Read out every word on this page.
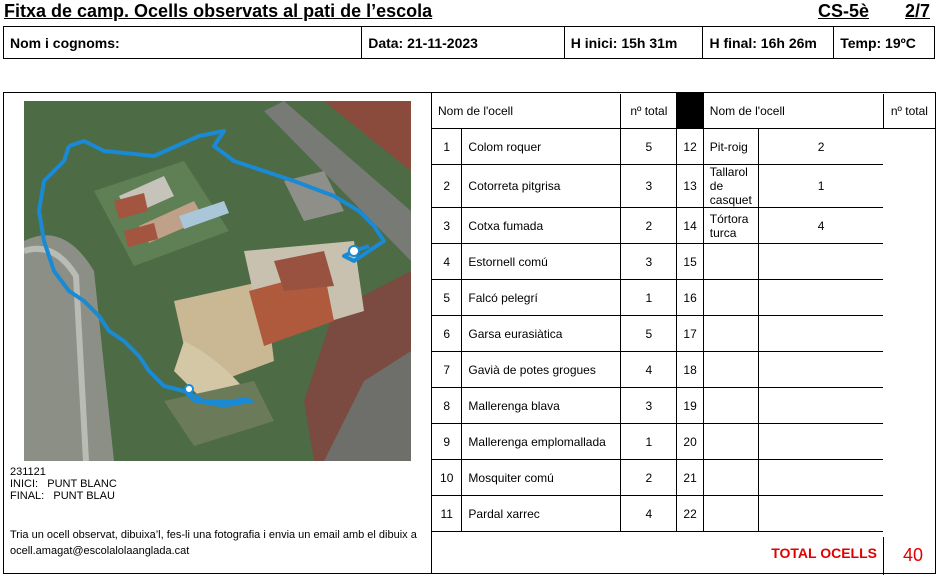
Fitxa de camp. Ocells observats al pati de l’escola	CS-5è 2/7
Nom i cognoms:	Data: 21-11-2023	H inici: 15h 31m	H final: 16h 26m	Temp: 19ºC
231121
INICI:   PUNT BLANC
FINAL:   PUNT BLAU
Tria un ocell observat, dibuixa’l, fes-li una fotografia i envia un email amb el dibuix a ocell.amagat@escolalolaanglada.cat
Nom de l'ocell		nº total		Nom de l'ocell		nº total
1	Colom roquer	5	12	Pit-roig	2	
2	Cotorreta pitgrisa	3	13	Tallarol de casquet	1	
3	Cotxa fumada	2	14	Tórtora turca	4	
4	Estornell comú	3	15			
5	Falcó pelegrí	1	16			
6	Garsa eurasiàtica	5	17			
7	Gavià de potes grogues	4	18			
8	Mallerenga blava	3	19			
9	Mallerenga emplomallada	1	20			
10	Mosquiter comú	2	21			
11	Pardal xarrec	4	22			
TOTAL OCELLS 40
